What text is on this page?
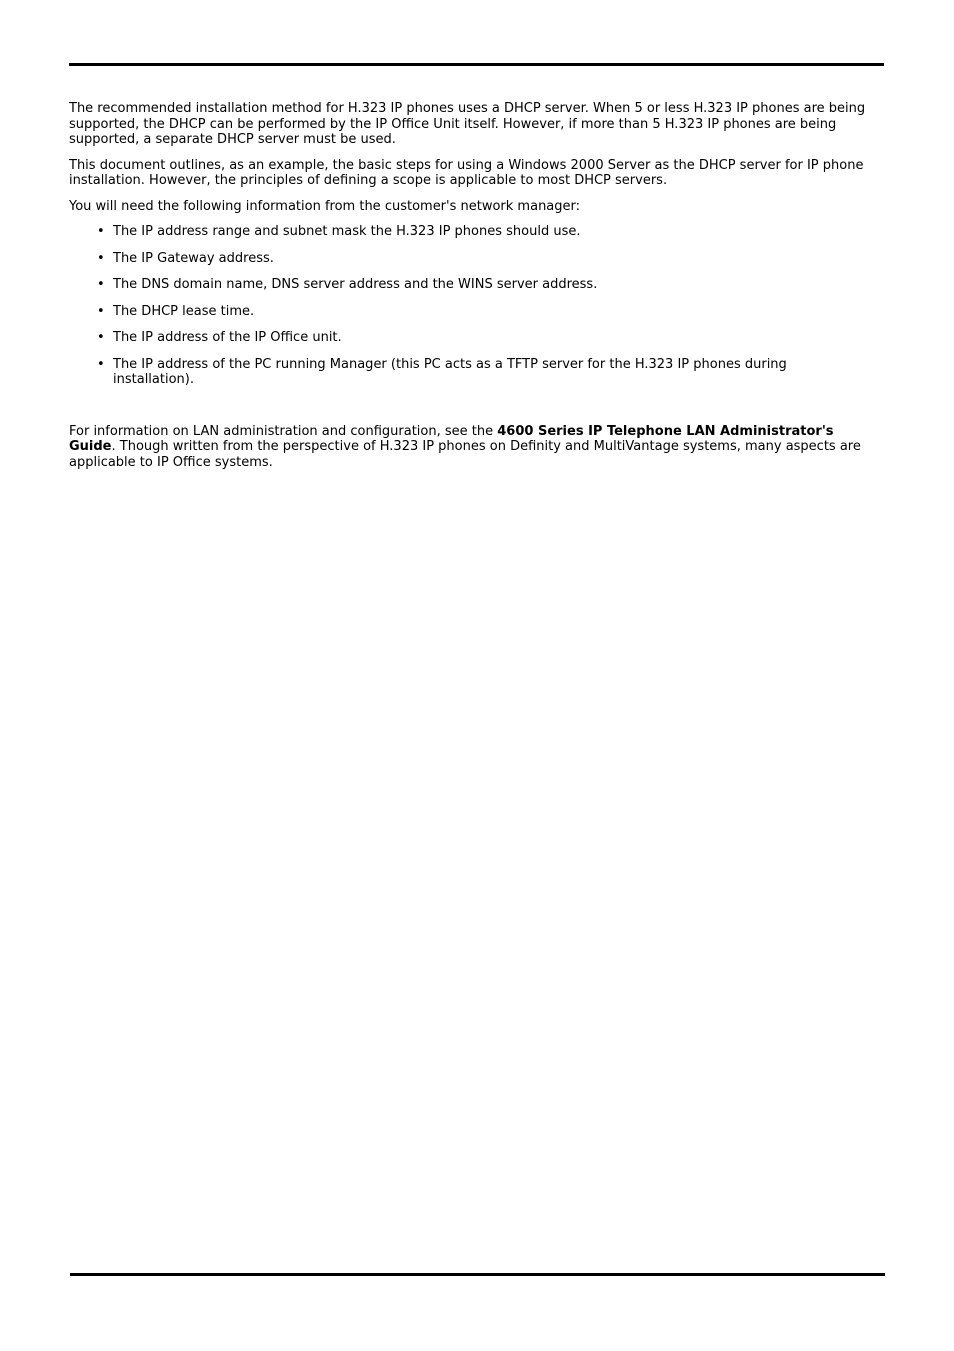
The recommended installation method for H.323 IP phones uses a DHCP server. When 5 or less H.323 IP phones are being supported, the DHCP can be performed by the IP Office Unit itself. However, if more than 5 H.323 IP phones are being supported, a separate DHCP server must be used.

This document outlines, as an example, the basic steps for using a Windows 2000 Server as the DHCP server for IP phone installation. However, the principles of defining a scope is applicable to most DHCP servers.

You will need the following information from the customer's network manager:

• The IP address range and subnet mask the H.323 IP phones should use.
• The IP Gateway address.
• The DNS domain name, DNS server address and the WINS server address.
• The DHCP lease time.
• The IP address of the IP Office unit.
• The IP address of the PC running Manager (this PC acts as a TFTP server for the H.323 IP phones during installation).

For information on LAN administration and configuration, see the 4600 Series IP Telephone LAN Administrator's Guide. Though written from the perspective of H.323 IP phones on Definity and MultiVantage systems, many aspects are applicable to IP Office systems.
